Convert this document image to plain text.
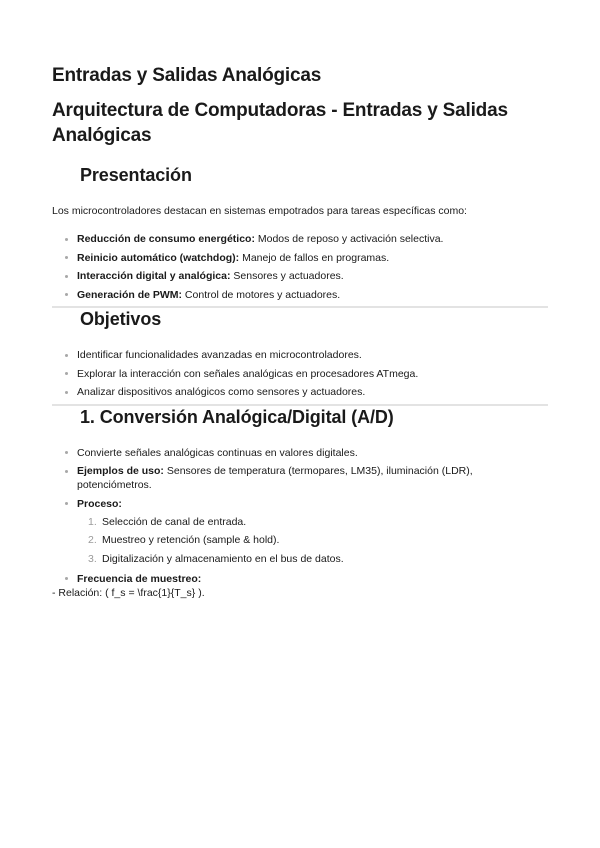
Entradas y Salidas Analógicas
Arquitectura de Computadoras - Entradas y Salidas Analógicas
Presentación

Los microcontroladores destacan en sistemas empotrados para tareas específicas como:

Reducción de consumo energético: Modos de reposo y activación selectiva.
Reinicio automático (watchdog): Manejo de fallos en programas.
Interacción digital y analógica: Sensores y actuadores.
Generación de PWM: Control de motores y actuadores.
Objetivos
Identificar funcionalidades avanzadas en microcontroladores.
Explorar la interacción con señales analógicas en procesadores ATmega.
Analizar dispositivos analógicos como sensores y actuadores.
1. Conversión Analógica/Digital (A/D)
Convierte señales analógicas continuas en valores digitales.
Ejemplos de uso: Sensores de temperatura (termopares, LM35), iluminación (LDR), potenciómetros.
Proceso:
1. Selección de canal de entrada.
2. Muestreo y retención (sample & hold).
3. Digitalización y almacenamiento en el bus de datos.
Frecuencia de muestreo:
- Relación: ( f_s = \frac{1}{T_s} ).
